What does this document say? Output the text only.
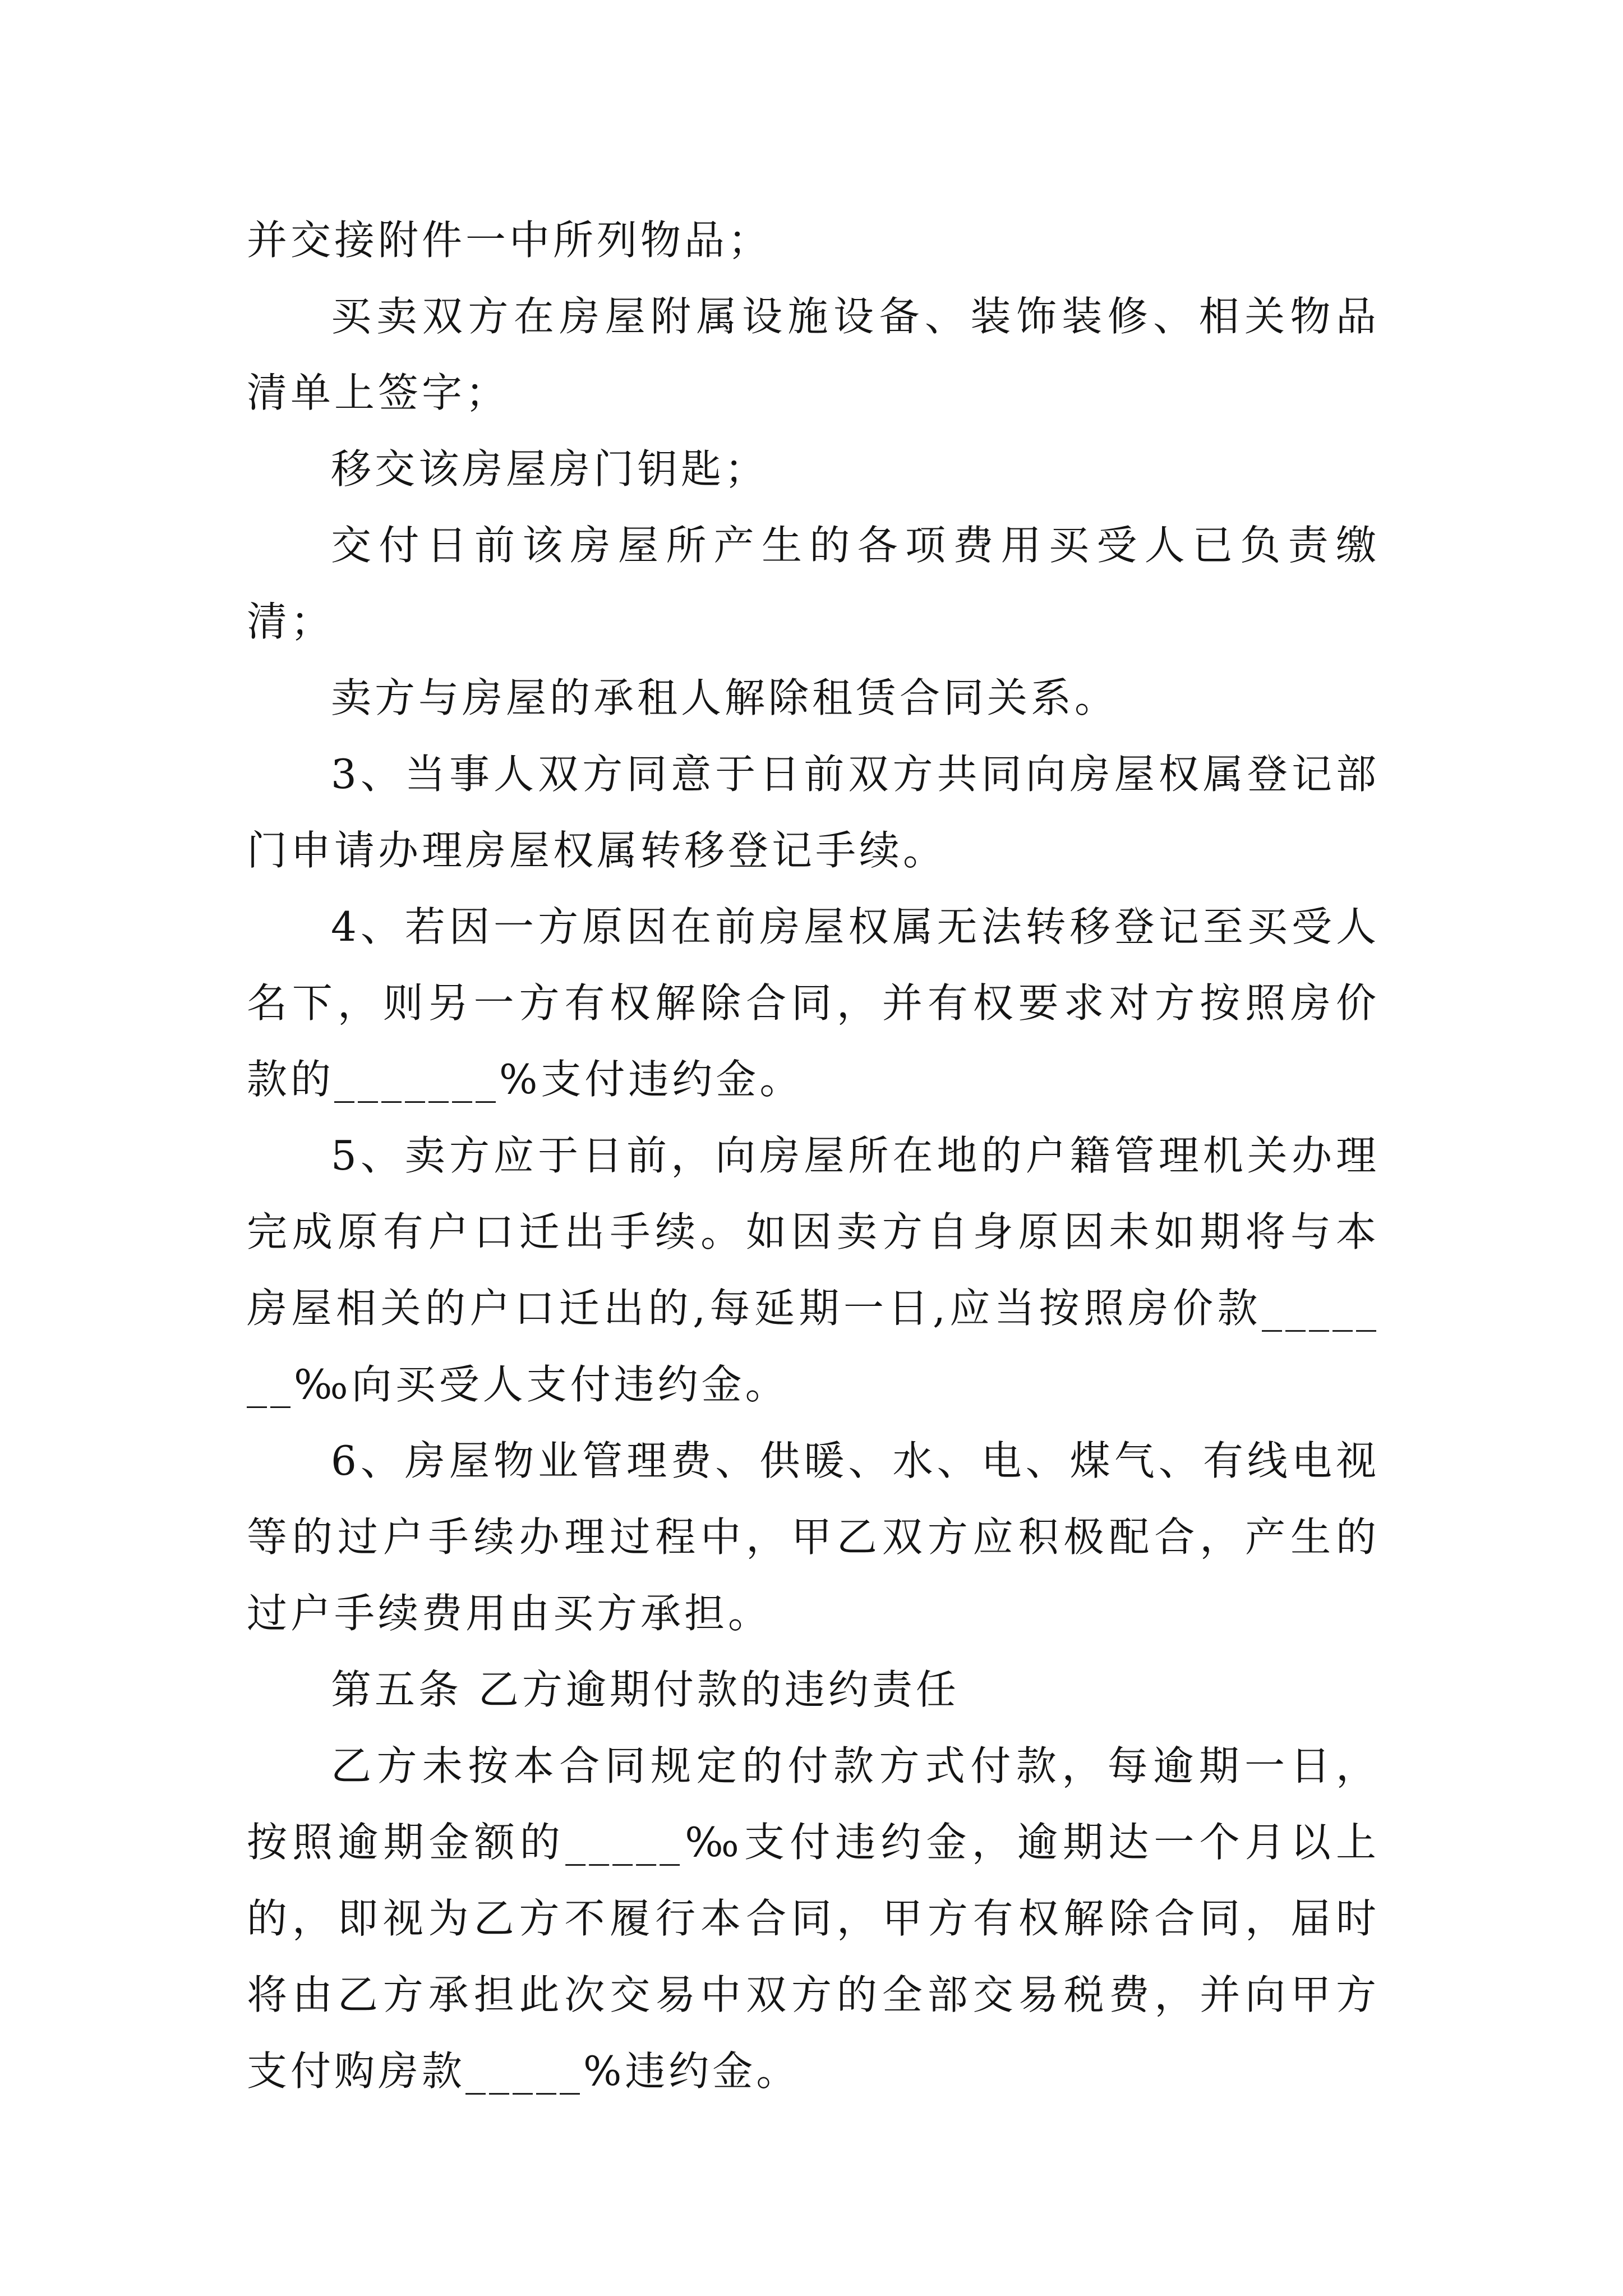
并交接附件一中所列物品；

买卖双方在房屋附属设施设备、装饰装修、相关物品清单上签字；

移交该房屋房门钥匙；

交付日前该房屋所产生的各项费用买受人已负责缴清；

卖方与房屋的承租人解除租赁合同关系。

3、当事人双方同意于日前双方共同向房屋权属登记部门申请办理房屋权属转移登记手续。

4、若因一方原因在前房屋权属无法转移登记至买受人名下，则另一方有权解除合同，并有权要求对方按照房价款的_______%支付违约金。

5、卖方应于日前，向房屋所在地的户籍管理机关办理完成原有户口迁出手续。如因卖方自身原因未如期将与本房屋相关的户口迁出的,每延期一日,应当按照房价款_______‰向买受人支付违约金。

6、房屋物业管理费、供暖、水、电、煤气、有线电视等的过户手续办理过程中，甲乙双方应积极配合，产生的过户手续费用由买方承担。

第五条 乙方逾期付款的违约责任

乙方未按本合同规定的付款方式付款，每逾期一日，按照逾期金额的_____‰支付违约金，逾期达一个月以上的，即视为乙方不履行本合同，甲方有权解除合同，届时将由乙方承担此次交易中双方的全部交易税费，并向甲方支付购房款_____%违约金。
